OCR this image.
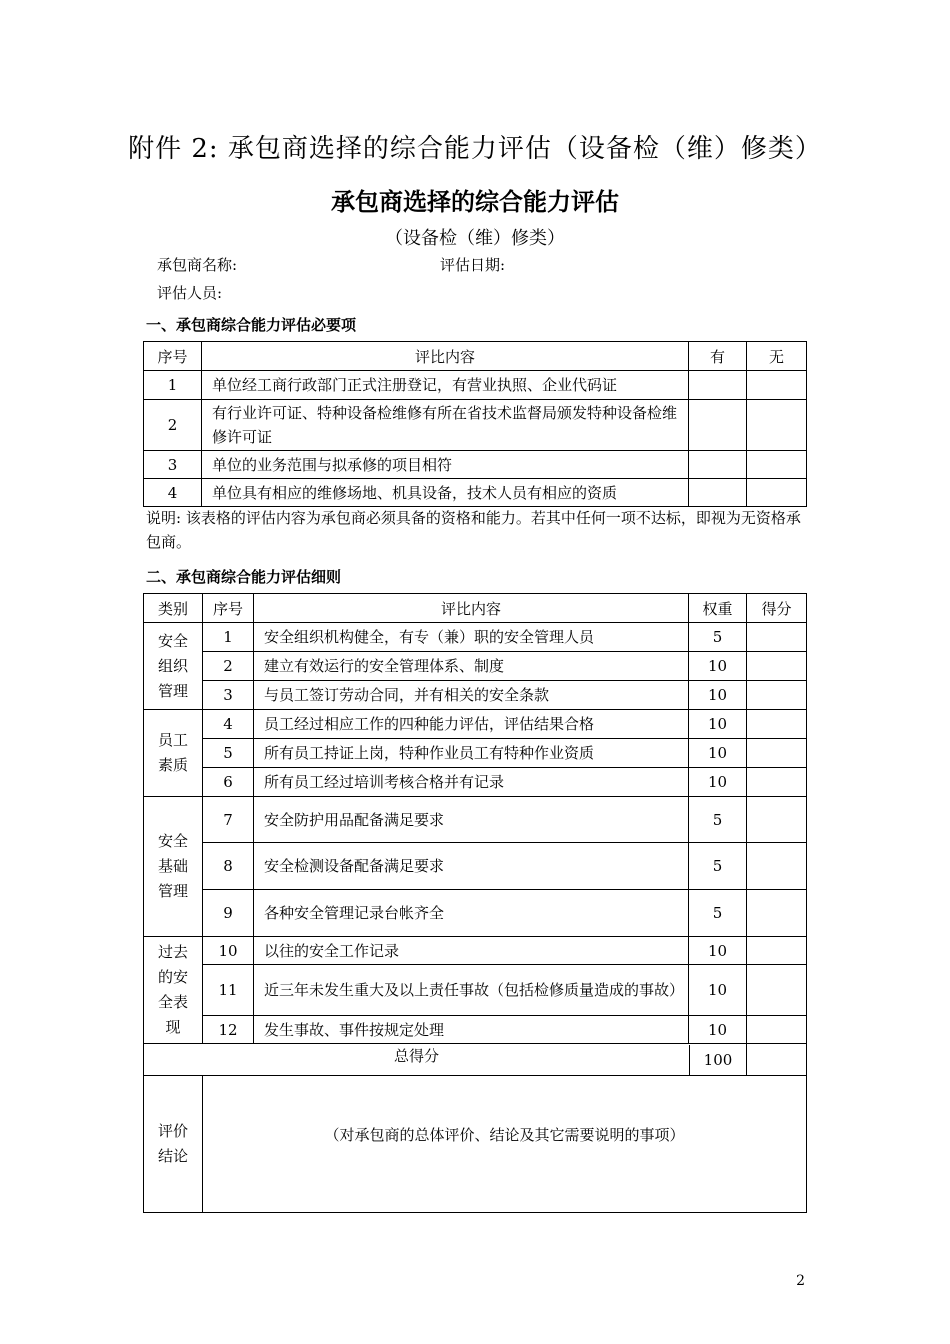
附件 2: 承包商选择的综合能力评估（设备检（维）修类）
承包商选择的综合能力评估
（设备检（维）修类）
承包商名称:	评估日期:
评估人员:
一、承包商综合能力评估必要项
序号	评比内容	有	无
1	单位经工商行政部门正式注册登记，有营业执照、企业代码证		
2	有行业许可证、特种设备检维修有所在省技术监督局颁发特种设备检维修许可证		
3	单位的业务范围与拟承修的项目相符		
4	单位具有相应的维修场地、机具设备，技术人员有相应的资质		
说明: 该表格的评估内容为承包商必须具备的资格和能力。若其中任何一项不达标，即视为无资格承包商。
二、承包商综合能力评估细则
类别	序号	评比内容	权重	得分

安全组织管理	1	安全组织机构健全，有专（兼）职的安全管理人员	5	
	2	建立有效运行的安全管理体系、制度	10	
	3	与员工签订劳动合同，并有相关的安全条款	10	

员工素质	4	员工经过相应工作的四种能力评估，评估结果合格	10	
	5	所有员工持证上岗，特种作业员工有特种作业资质	10	
	6	所有员工经过培训考核合格并有记录	10	

安全基础管理	7	安全防护用品配备满足要求	5	
	8	安全检测设备配备满足要求	5	
	9	各种安全管理记录台帐齐全	5	

过去的安全表现	10	以往的安全工作记录	10	
	11	近三年未发生重大及以上责任事故（包括检修质量造成的事故）	10	
	12	发生事故、事件按规定处理	10	

总得分 100				

评价结论	（对承包商的总体评价、结论及其它需要说明的事项）			
2
